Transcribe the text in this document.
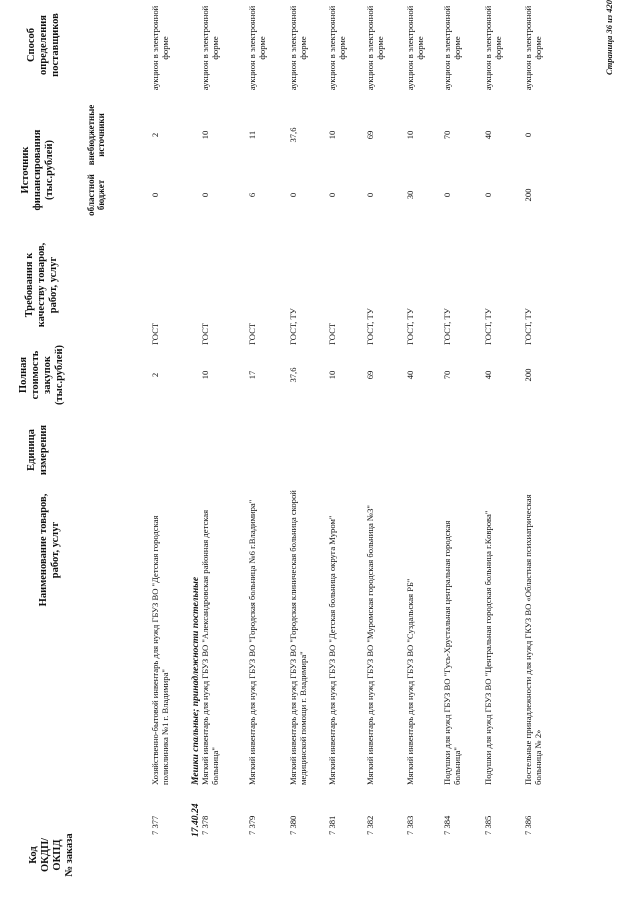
Код
ОКДП/
ОКПД
№ заказа
Наименование товаров,
работ, услуг
Единица
измерения
Полная
стоимость
закупок
(тыс.рублей)
Требования к
качеству товаров,
работ, услуг
Источник
финансирования
(тыс.рублей)	областной
бюджет
внебюджетные
источники
Способ
определения
поставщиков
17.40.24
Мешки спальные; принадлежности постельные
7 377
Хозяйственно-бытовой инвентарь для нужд ГБУЗ ВО "Детская городская поликлиника №1 г. Владимира"
2
ГОСТ
0
2
аукцион в электронной форме
7 378
Мягкий инвентарь для нужд ГБУЗ ВО "Александровская районная детская больница"
10
ГОСТ
0
10
аукцион в электронной форме
7 379
Мягкий инвентарь для нужд ГБУЗ ВО "Городская больница №6 г.Владимира"
17
ГОСТ
6
11
аукцион в электронной форме
7 380
Мягкий инвентарь для нужд ГБУЗ ВО "Городская клиническая больница скорой медицинской помощи г. Владимира"
37,6
ГОСТ, ТУ
0
37,6
аукцион в электронной форме
7 381
Мягкий инвентарь для нужд ГБУЗ ВО "Детская больница округа Муром"
10
ГОСТ
0
10
аукцион в электронной форме
7 382
Мягкий инвентарь для нужд ГБУЗ ВО "Муромская городская больница №3"
69
ГОСТ, ТУ
0
69
аукцион в электронной форме
7 383
Мягкий инвентарь для нужд ГБУЗ ВО "Суздальская РБ"
40
ГОСТ, ТУ
30
10
аукцион в электронной форме
7 384
Подушки для нужд ГБУЗ ВО "Гусь-Хрустальная центральная городская больница"
70
ГОСТ, ТУ
0
70
аукцион в электронной форме
7 385
Подушки для нужд ГБУЗ ВО "Центральная городская больница г.Коврова"
40
ГОСТ, ТУ
0
40
аукцион в электронной форме
7 386
Постельные принадлежности для нужд ГКУЗ ВО «Областная психиатрическая больница № 2»
200
ГОСТ, ТУ
200
0
аукцион в электронной форме	Страница 36 из 420
